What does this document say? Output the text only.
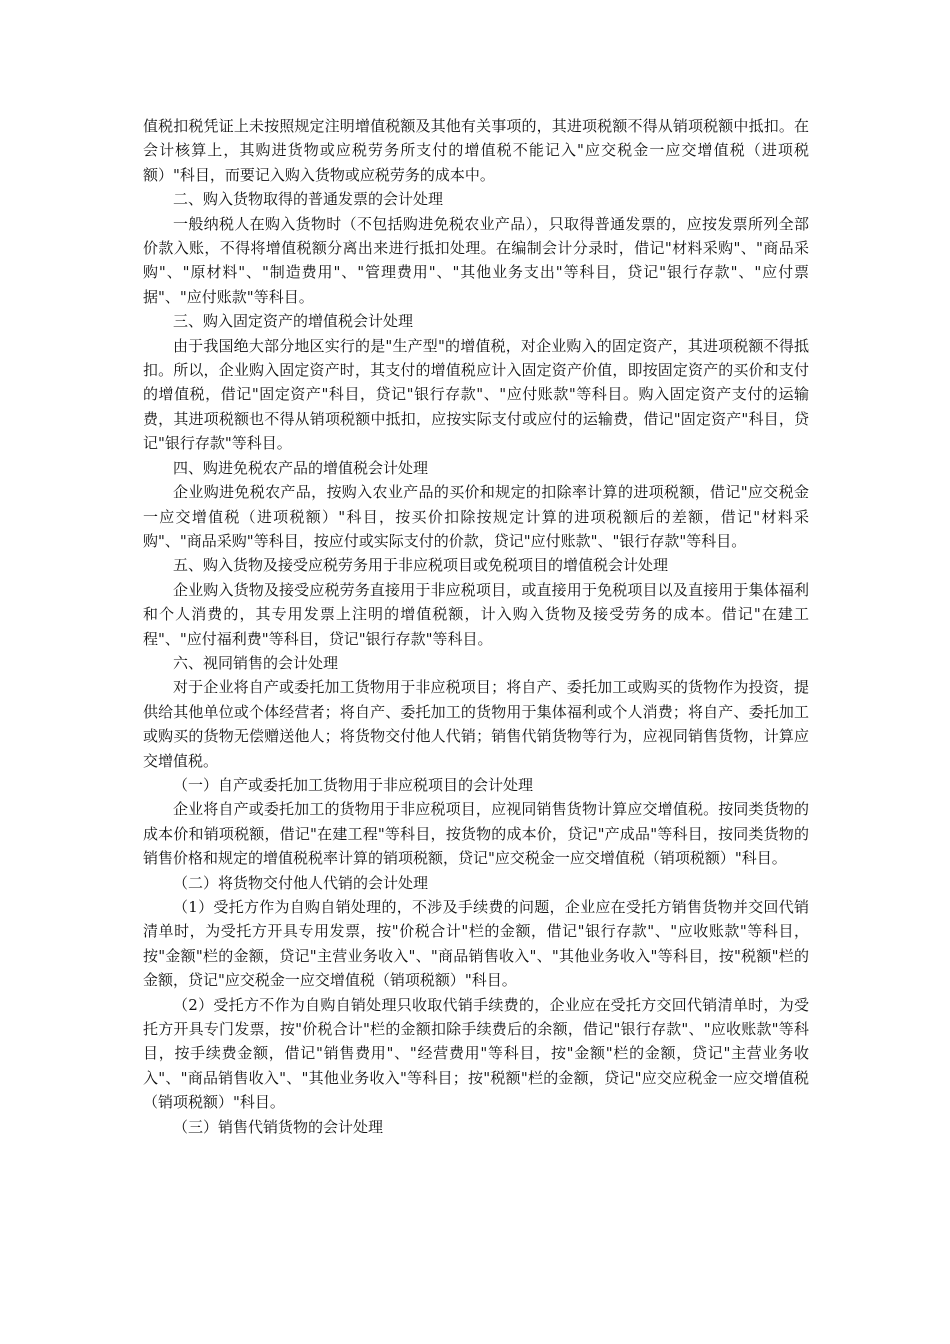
值税扣税凭证上未按照规定注明增值税额及其他有关事项的，其进项税额不得从销项税额中抵扣。在会计核算上，其购进货物或应税劳务所支付的增值税不能记入"应交税金一应交增值税（进项税额）"科目，而要记入购入货物或应税劳务的成本中。

二、购入货物取得的普通发票的会计处理

一般纳税人在购入货物时（不包括购进免税农业产品），只取得普通发票的，应按发票所列全部价款入账，不得将增值税额分离出来进行抵扣处理。在编制会计分录时，借记"材料采购"、"商品采购"、"原材料"、"制造费用"、"管理费用"、"其他业务支出"等科目，贷记"银行存款"、"应付票据"、"应付账款"等科目。

三、购入固定资产的增值税会计处理

由于我国绝大部分地区实行的是"生产型"的增值税，对企业购入的固定资产，其进项税额不得抵扣。所以，企业购入固定资产时，其支付的增值税应计入固定资产价值，即按固定资产的买价和支付的增值税，借记"固定资产"科目，贷记"银行存款"、"应付账款"等科目。购入固定资产支付的运输费，其进项税额也不得从销项税额中抵扣，应按实际支付或应付的运输费，借记"固定资产"科目，贷记"银行存款"等科目。

四、购进免税农产品的增值税会计处理

企业购进免税农产品，按购入农业产品的买价和规定的扣除率计算的进项税额，借记"应交税金一应交增值税（进项税额）"科目，按买价扣除按规定计算的进项税额后的差额，借记"材料采购"、"商品采购"等科目，按应付或实际支付的价款，贷记"应付账款"、"银行存款"等科目。

五、购入货物及接受应税劳务用于非应税项目或免税项目的增值税会计处理

企业购入货物及接受应税劳务直接用于非应税项目，或直接用于免税项目以及直接用于集体福利和个人消费的，其专用发票上注明的增值税额，计入购入货物及接受劳务的成本。借记"在建工程"、"应付福利费"等科目，贷记"银行存款"等科目。

六、视同销售的会计处理

对于企业将自产或委托加工货物用于非应税项目；将自产、委托加工或购买的货物作为投资，提供给其他单位或个体经营者；将自产、委托加工的货物用于集体福利或个人消费；将自产、委托加工或购买的货物无偿赠送他人；将货物交付他人代销；销售代销货物等行为，应视同销售货物，计算应交增值税。

（一）自产或委托加工货物用于非应税项目的会计处理

企业将自产或委托加工的货物用于非应税项目，应视同销售货物计算应交增值税。按同类货物的成本价和销项税额，借记"在建工程"等科目，按货物的成本价，贷记"产成品"等科目，按同类货物的销售价格和规定的增值税税率计算的销项税额，贷记"应交税金一应交增值税（销项税额）"科目。

（二）将货物交付他人代销的会计处理

（1）受托方作为自购自销处理的，不涉及手续费的问题，企业应在受托方销售货物并交回代销清单时，为受托方开具专用发票，按"价税合计"栏的金额，借记"银行存款"、"应收账款"等科目，按"金额"栏的金额，贷记"主营业务收入"、"商品销售收入"、"其他业务收入"等科目，按"税额"栏的金额，贷记"应交税金一应交增值税（销项税额）"科目。

（2）受托方不作为自购自销处理只收取代销手续费的，企业应在受托方交回代销清单时，为受托方开具专门发票，按"价税合计"栏的金额扣除手续费后的余额，借记"银行存款"、"应收账款"等科目，按手续费金额，借记"销售费用"、"经营费用"等科目，按"金额"栏的金额，贷记"主营业务收入"、"商品销售收入"、"其他业务收入"等科目；按"税额"栏的金额，贷记"应交应税金一应交增值税（销项税额）"科目。

（三）销售代销货物的会计处理
